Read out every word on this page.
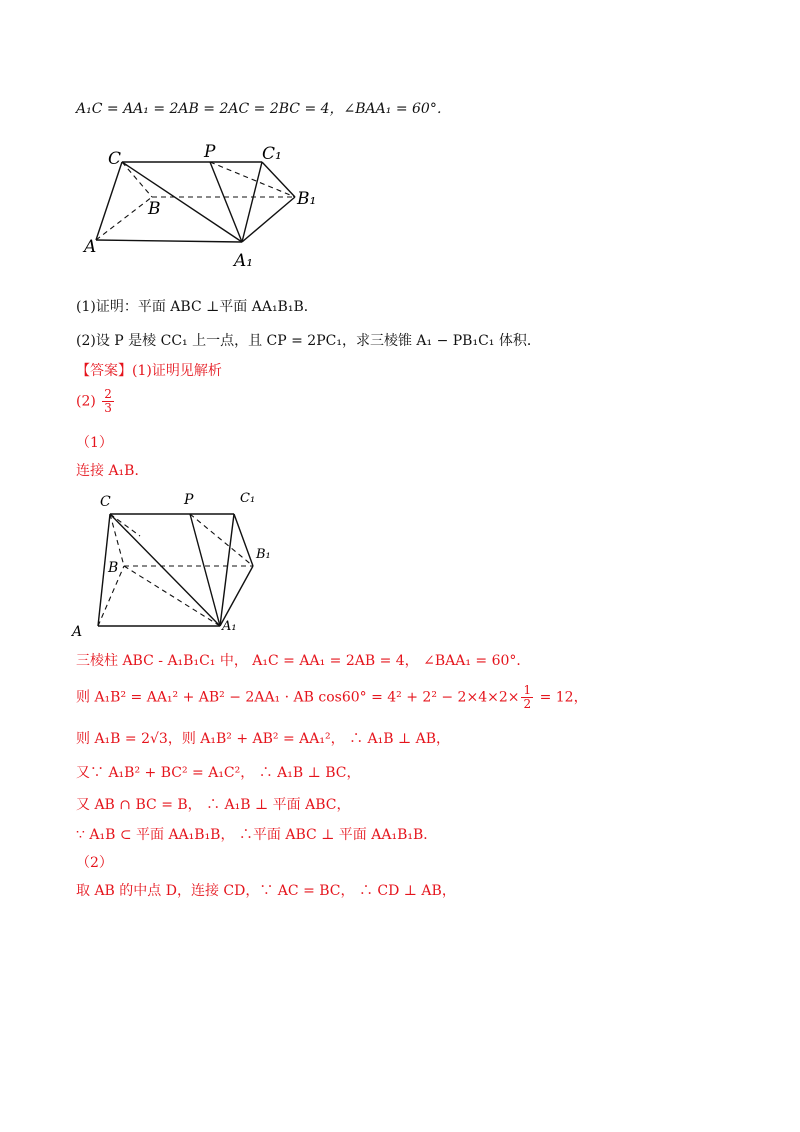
A₁C = AA₁ = 2AB = 2AC = 2BC = 4，∠BAA₁ = 60°．
C	P	C₁
B	B₁
A
A₁
(1)证明：平面 ABC ⊥平面 AA₁B₁B．
(2)设 P 是棱 CC₁ 上一点，且 CP = 2PC₁，求三棱锥 A₁ − PB₁C₁ 体积．
【答案】(1)证明见解析
$(2) \frac{2}{3}$
（1）
连接 A₁B．
C	P	C₁
B
B₁
A	A₁
三棱柱 ABC - A₁B₁C₁ 中， A₁C = AA₁ = 2AB = 4， ∠BAA₁ = 60°．
则 A₁B² = AA₁² + AB² − 2AA₁ · AB $\cos 60^\circ = 4^2 + 2^2 - 2\times 4\times 2\times \frac{1}{2} = 12$，
则 A₁B = 2√3，则 A₁B² + AB² = AA₁²， ∴ A₁B ⊥ AB，
又∵ A₁B² + BC² = A₁C²， ∴ A₁B ⊥ BC，
又 AB ∩ BC = B， ∴ A₁B ⊥ 平面 ABC，
∵ A₁B ⊂ 平面 AA₁B₁B， ∴平面 ABC ⊥ 平面 AA₁B₁B．
（2）
取 AB 的中点 D，连接 CD，∵ AC = BC， ∴ CD ⊥ AB，
